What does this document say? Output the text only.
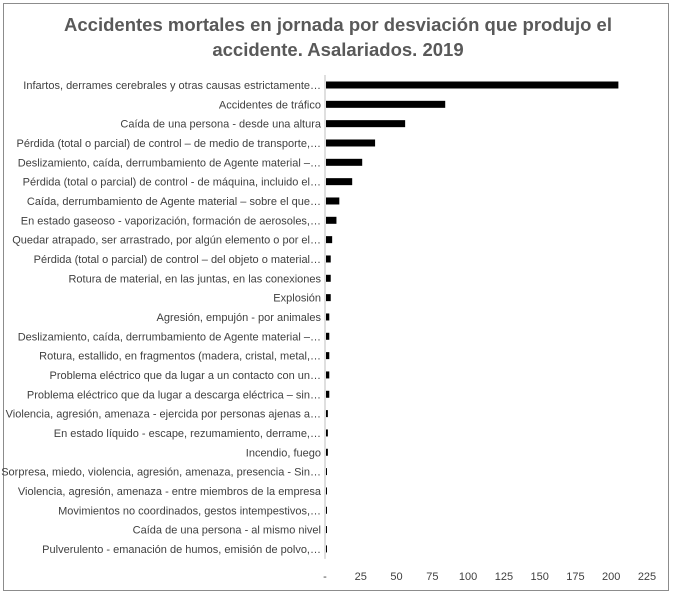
Accidentes mortales en jornada por desviación que produjo el
accidente. Asalariados. 2019
Infartos, derrames cerebrales y otras causas estrictamente…
Accidentes de tráfico
Caída de una persona - desde una altura
Pérdida (total o parcial) de control – de medio de transporte,…
Deslizamiento, caída, derrumbamiento de Agente material –…
Pérdida (total o parcial) de control - de máquina, incluido el…
Caída, derrumbamiento de Agente material – sobre el que…
En estado gaseoso - vaporización, formación de aerosoles,…
Quedar atrapado, ser arrastrado, por algún elemento o por el…
Pérdida (total o parcial) de control – del objeto o material…
Rotura de material, en las juntas, en las conexiones
Explosión
Agresión, empujón - por animales
Deslizamiento, caída, derrumbamiento de Agente material –…
Rotura, estallido, en fragmentos (madera, cristal, metal,…
Problema eléctrico que da lugar a un contacto con un…
Problema eléctrico que da lugar a descarga eléctrica – sin…
Violencia, agresión, amenaza - ejercida por personas ajenas a…
En estado líquido - escape, rezumamiento, derrame,…
Incendio, fuego
Sorpresa, miedo, violencia, agresión, amenaza, presencia - Sin…
Violencia, agresión, amenaza - entre miembros de la empresa
Movimientos no coordinados, gestos intempestivos,…
Caída de una persona - al mismo nivel
Pulverulento - emanación de humos, emisión de polvo,…
-	25 50 75 100 125 150 175 200 225
